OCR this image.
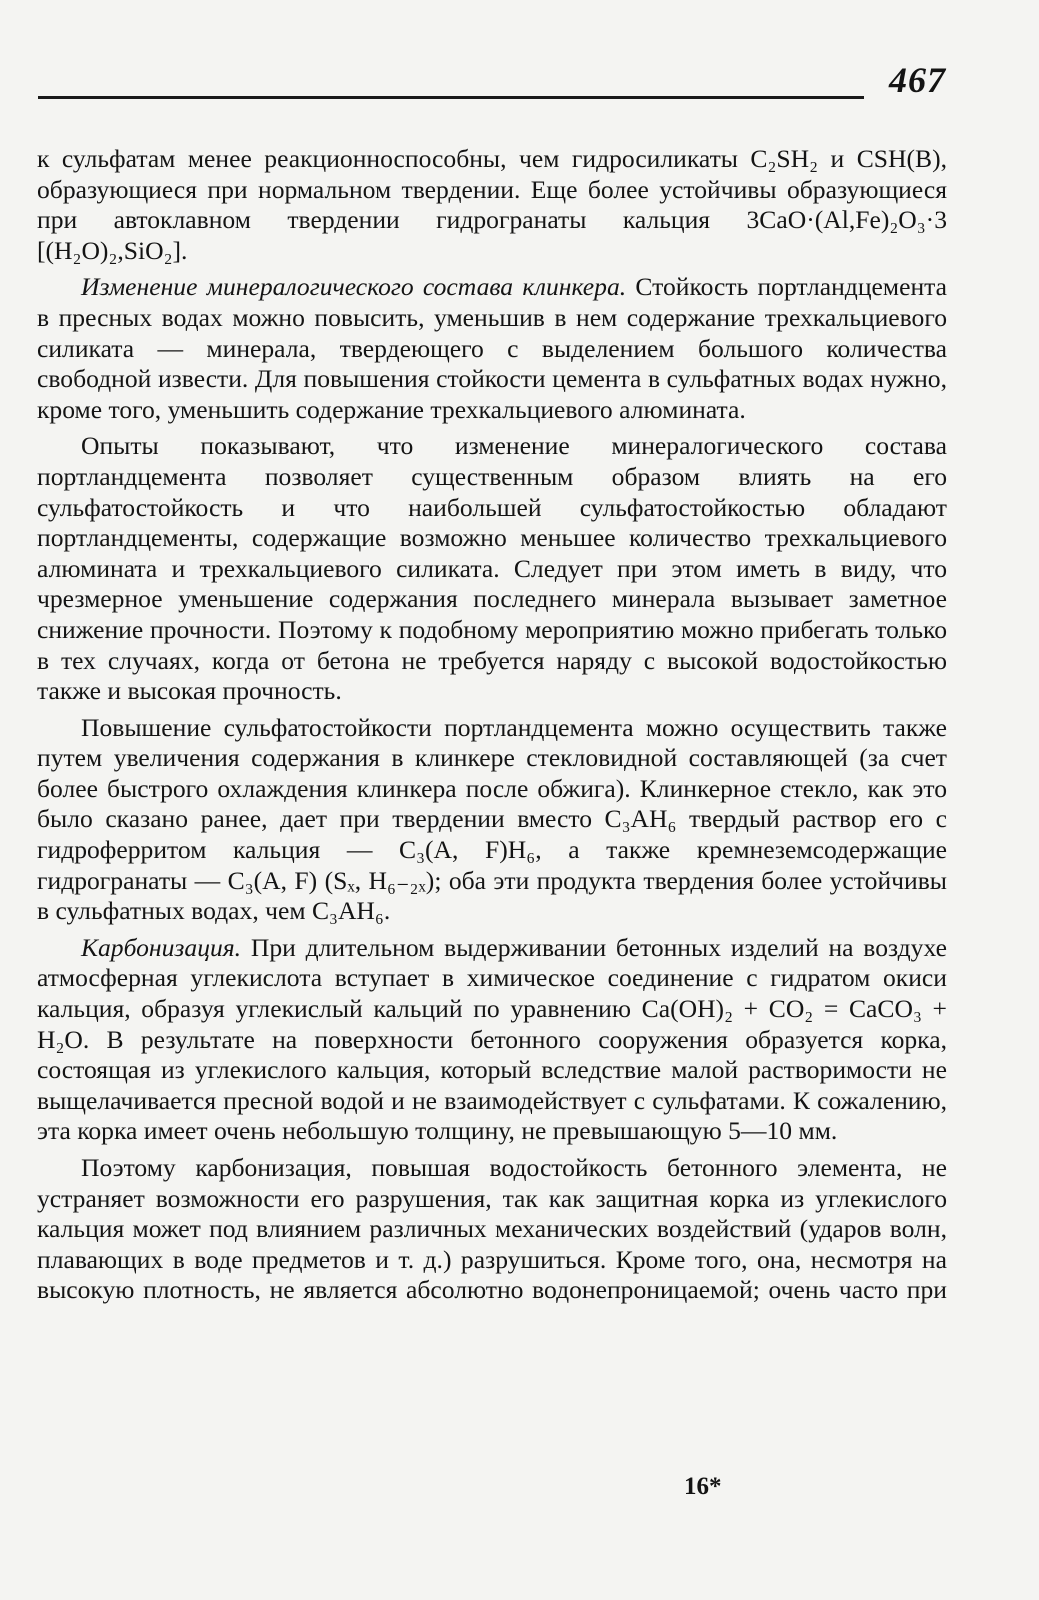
467

к сульфатам менее реакционноспособны, чем гидросиликаты C₂SH₂ и CSH(B), образующиеся при нормальном твердении. Еще более устойчивы образующиеся при автоклавном твердении гидрогранаты кальция 3CaO·(Al,Fe)₂O₃·3 [(H₂O)₂,SiO₂].

Изменение минералогического состава клинкера. Стойкость портландцемента в пресных водах можно повысить, уменьшив в нем содержание трехкальциевого силиката — минерала, твердеющего с выделением большого количества свободной извести. Для повышения стойкости цемента в сульфатных водах нужно, кроме того, уменьшить содержание трехкальциевого алюмината.

Опыты показывают, что изменение минералогического состава портландцемента позволяет существенным образом влиять на его сульфатостойкость и что наибольшей сульфатостойкостью обладают портландцементы, содержащие возможно меньшее количество трехкальциевого алюмината и трехкальциевого силиката. Следует при этом иметь в виду, что чрезмерное уменьшение содержания последнего минерала вызывает заметное снижение прочности. Поэтому к подобному мероприятию можно прибегать только в тех случаях, когда от бетона не требуется наряду с высокой водостойкостью также и высокая прочность.

Повышение сульфатостойкости портландцемента можно осуществить также путем увеличения содержания в клинкере стекловидной составляющей (за счет более быстрого охлаждения клинкера после обжига). Клинкерное стекло, как это было сказано ранее, дает при твердении вместо C₃AH₆ твердый раствор его с гидроферритом кальция — C₃(A, F)H₆, а также кремнеземсодержащие гидрогранаты — C₃(A, F) (Sₓ, H₆₋₂ₓ); оба эти продукта твердения более устойчивы в сульфатных водах, чем C₃AH₆.

Карбонизация. При длительном выдерживании бетонных изделий на воздухе атмосферная углекислота вступает в химическое соединение с гидратом окиси кальция, образуя углекислый кальций по уравнению Ca(OH)₂ + CO₂ = CaCO₃ + H₂O. В результате на поверхности бетонного сооружения образуется корка, состоящая из углекислого кальция, который вследствие малой растворимости не выщелачивается пресной водой и не взаимодействует с сульфатами. К сожалению, эта корка имеет очень небольшую толщину, не превышающую 5—10 мм.

Поэтому карбонизация, повышая водостойкость бетонного элемента, не устраняет возможности его разрушения, так как защитная корка из углекислого кальция может под влиянием различных механических воздействий (ударов волн, плавающих в воде предметов и т. д.) разрушиться. Кроме того, она, несмотря на высокую плотность, не является абсолютно водонепроницаемой; очень часто при

16*
